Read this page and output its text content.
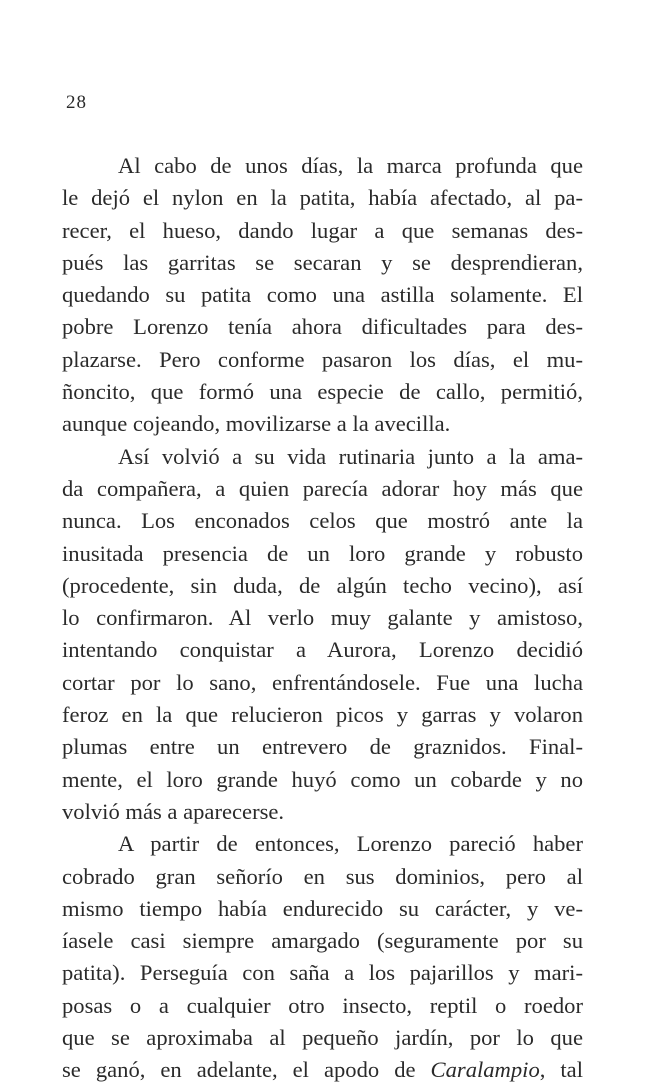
28
Al cabo de unos días, la marca profunda que
le dejó el nylon en la patita, había afectado, al pa-
recer, el hueso, dando lugar a que semanas des-
pués las garritas se secaran y se desprendieran,
quedando su patita como una astilla solamente. El
pobre Lorenzo tenía ahora dificultades para des-
plazarse. Pero conforme pasaron los días, el mu-
ñoncito, que formó una especie de callo, permitió,
aunque cojeando, movilizarse a la avecilla.
Así volvió a su vida rutinaria junto a la ama-
da compañera, a quien parecía adorar hoy más que
nunca. Los enconados celos que mostró ante la
inusitada presencia de un loro grande y robusto
(procedente, sin duda, de algún techo vecino), así
lo confirmaron. Al verlo muy galante y amistoso,
intentando conquistar a Aurora, Lorenzo decidió
cortar por lo sano, enfrentándosele. Fue una lucha
feroz en la que relucieron picos y garras y volaron
plumas entre un entrevero de graznidos. Final-
mente, el loro grande huyó como un cobarde y no
volvió más a aparecerse.
A partir de entonces, Lorenzo pareció haber
cobrado gran señorío en sus dominios, pero al
mismo tiempo había endurecido su carácter, y ve-
íasele casi siempre amargado (seguramente por su
patita). Perseguía con saña a los pajarillos y mari-
posas o a cualquier otro insecto, reptil o roedor
que se aproximaba al pequeño jardín, por lo que
se ganó, en adelante, el apodo de Caralampio, tal
